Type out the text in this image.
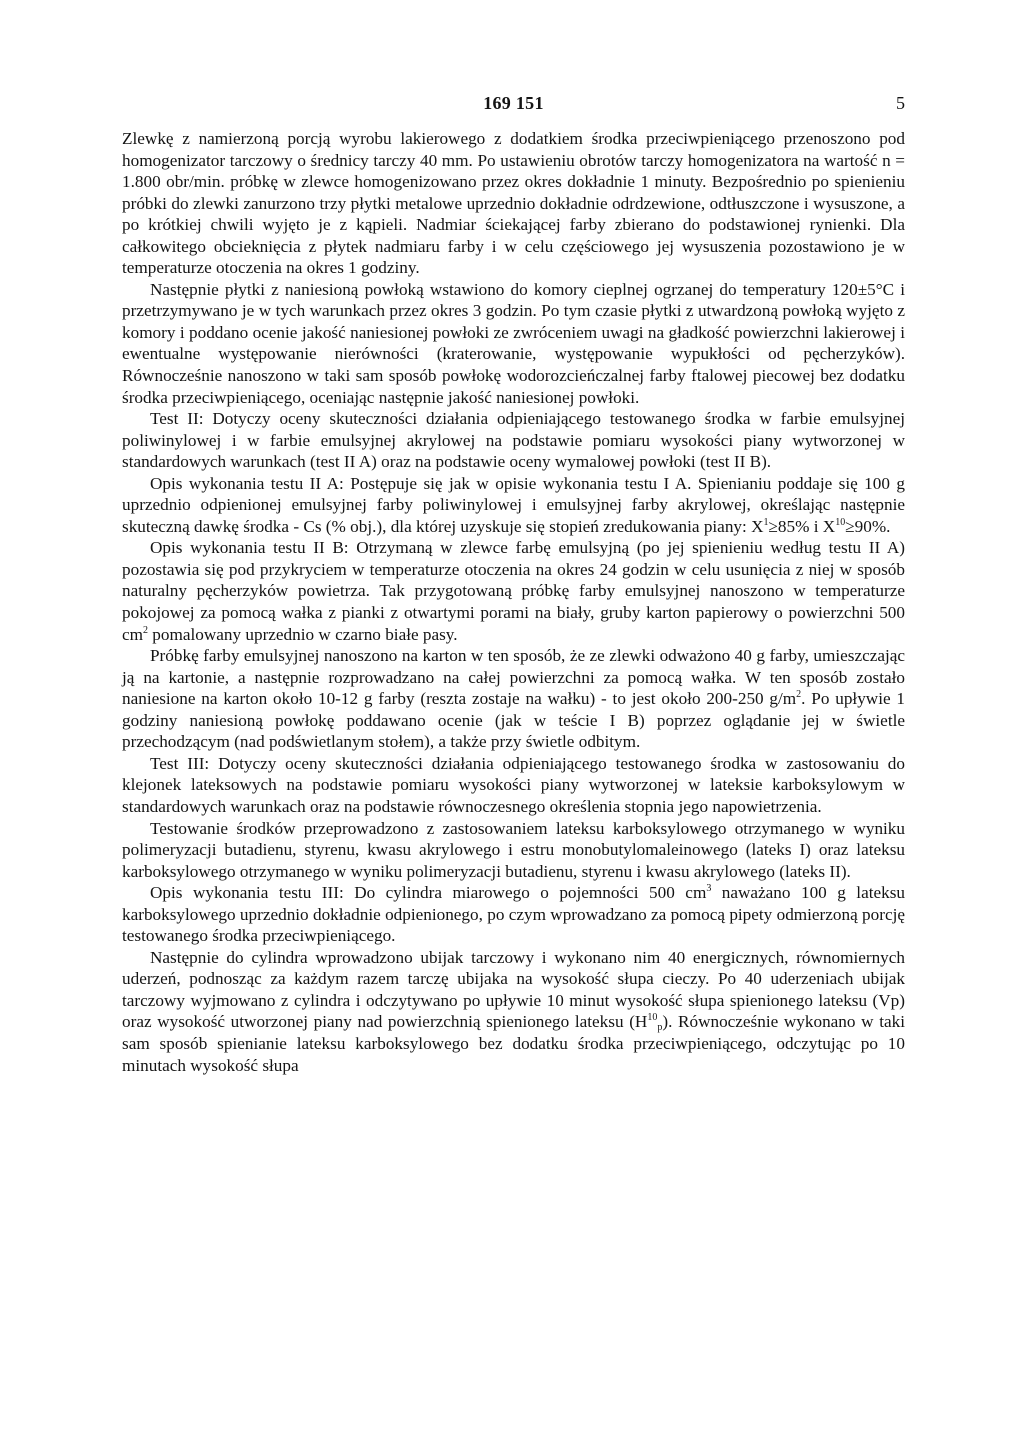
169 151	5

Zlewkę z namierzoną porcją wyrobu lakierowego z dodatkiem środka przeciwpieniącego przenoszono pod homogenizator tarczowy o średnicy tarczy 40 mm. Po ustawieniu obrotów tarczy homogenizatora na wartość n = 1.800 obr/min. próbkę w zlewce homogenizowano przez okres dokładnie 1 minuty. Bezpośrednio po spienieniu próbki do zlewki zanurzono trzy płytki metalowe uprzednio dokładnie odrdzewione, odtłuszczone i wysuszone, a po krótkiej chwili wyjęto je z kąpieli. Nadmiar ściekającej farby zbierano do podstawionej rynienki. Dla całkowitego obcieknięcia z płytek nadmiaru farby i w celu częściowego jej wysuszenia pozostawiono je w temperaturze otoczenia na okres 1 godziny.

Następnie płytki z naniesioną powłoką wstawiono do komory cieplnej ogrzanej do temperatury 120±5°C i przetrzymywano je w tych warunkach przez okres 3 godzin. Po tym czasie płytki z utwardzoną powłoką wyjęto z komory i poddano ocenie jakość naniesionej powłoki ze zwróceniem uwagi na gładkość powierzchni lakierowej i ewentualne występowanie nierówności (kraterowanie, występowanie wypukłości od pęcherzyków). Równocześnie nanoszono w taki sam sposób powłokę wodorozcieńczalnej farby ftalowej piecowej bez dodatku środka przeciwpieniącego, oceniając następnie jakość naniesionej powłoki.

Test II: Dotyczy oceny skuteczności działania odpieniającego testowanego środka w farbie emulsyjnej poliwinylowej i w farbie emulsyjnej akrylowej na podstawie pomiaru wysokości piany wytworzonej w standardowych warunkach (test II A) oraz na podstawie oceny wymalowej powłoki (test II B).

Opis wykonania testu II A: Postępuje się jak w opisie wykonania testu I A. Spienianiu poddaje się 100 g uprzednio odpienionej emulsyjnej farby poliwinylowej i emulsyjnej farby akrylowej, określając następnie skuteczną dawkę środka - Cs (% obj.), dla której uzyskuje się stopień zredukowania piany: $X^1\ge 85\%$ i $X^{10}\ge 90\%$.

Opis wykonania testu II B: Otrzymaną w zlewce farbę emulsyjną (po jej spienieniu według testu II A) pozostawia się pod przykryciem w temperaturze otoczenia na okres 24 godzin w celu usunięcia z niej w sposób naturalny pęcherzyków powietrza. Tak przygotowaną próbkę farby emulsyjnej nanoszono w temperaturze pokojowej za pomocą wałka z pianki z otwartymi porami na biały, gruby karton papierowy o powierzchni 500 $cm^2$ pomalowany uprzednio w czarno białe pasy.

Próbkę farby emulsyjnej nanoszono na karton w ten sposób, że ze zlewki odważono 40 g farby, umieszczając ją na kartonie, a następnie rozprowadzano na całej powierzchni za pomocą wałka. W ten sposób zostało naniesione na karton około 10-12 g farby (reszta zostaje na wałku) - to jest około 200-250 $g/m^2$. Po upływie 1 godziny naniesioną powłokę poddawano ocenie (jak w teście I B) poprzez oglądanie jej w świetle przechodzącym (nad podświetlanym stołem), a także przy świetle odbitym.

Test III: Dotyczy oceny skuteczności działania odpieniającego testowanego środka w zastosowaniu do klejonek lateksowych na podstawie pomiaru wysokości piany wytworzonej w lateksie karboksylowym w standardowych warunkach oraz na podstawie równoczesnego określenia stopnia jego napowietrzenia.

Testowanie środków przeprowadzono z zastosowaniem lateksu karboksylowego otrzymanego w wyniku polimeryzacji butadienu, styrenu, kwasu akrylowego i estru monobutylomaleinowego (lateks I) oraz lateksu karboksylowego otrzymanego w wyniku polimeryzacji butadienu, styrenu i kwasu akrylowego (lateks II).

Opis wykonania testu III: Do cylindra miarowego o pojemności 500 $cm^3$ naważano 100 g lateksu karboksylowego uprzednio dokładnie odpienionego, po czym wprowadzano za pomocą pipety odmierzoną porcję testowanego środka przeciwpieniącego.

Następnie do cylindra wprowadzono ubijak tarczowy i wykonano nim 40 energicznych, równomiernych uderzeń, podnosząc za każdym razem tarczę ubijaka na wysokość słupa cieczy. Po 40 uderzeniach ubijak tarczowy wyjmowano z cylindra i odczytywano po upływie 10 minut wysokość słupa spienionego lateksu (Vp) oraz wysokość utworzonej piany nad powierzchnią spienionego lateksu $(H^{10}_p)$. Równocześnie wykonano w taki sam sposób spienianie lateksu karboksylowego bez dodatku środka przeciwpieniącego, odczytując po 10 minutach wysokość słupa
